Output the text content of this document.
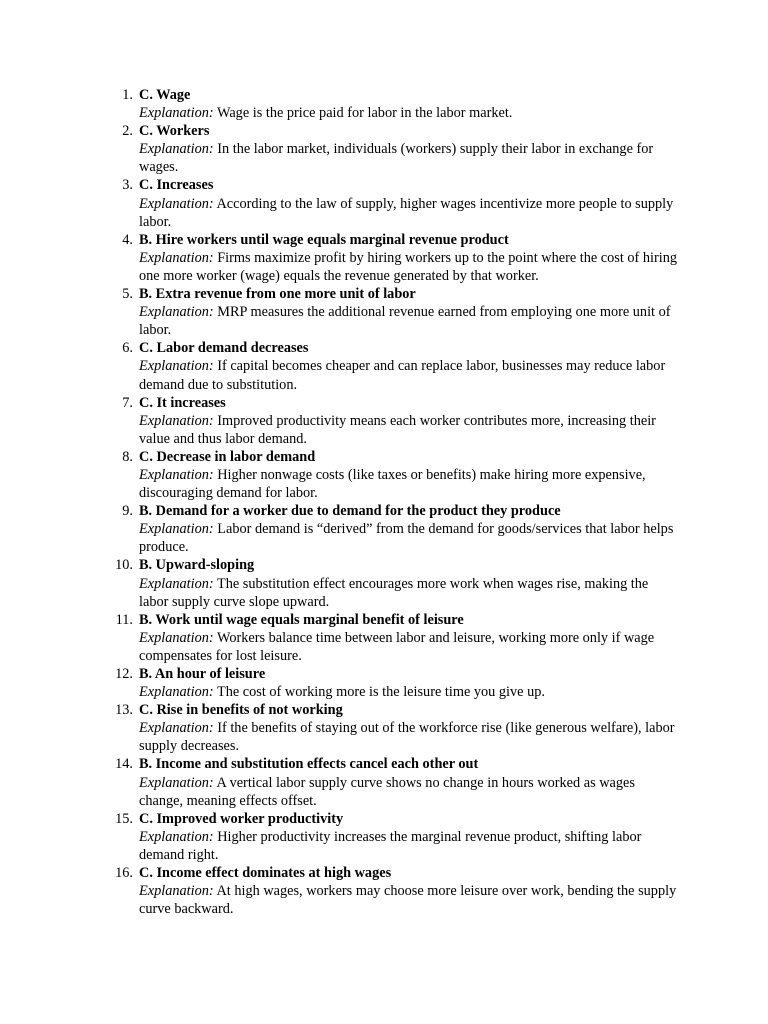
1. C. Wage
Explanation: Wage is the price paid for labor in the labor market.
2. C. Workers
Explanation: In the labor market, individuals (workers) supply their labor in exchange for wages.
3. C. Increases
Explanation: According to the law of supply, higher wages incentivize more people to supply labor.
4. B. Hire workers until wage equals marginal revenue product
Explanation: Firms maximize profit by hiring workers up to the point where the cost of hiring one more worker (wage) equals the revenue generated by that worker.
5. B. Extra revenue from one more unit of labor
Explanation: MRP measures the additional revenue earned from employing one more unit of labor.
6. C. Labor demand decreases
Explanation: If capital becomes cheaper and can replace labor, businesses may reduce labor demand due to substitution.
7. C. It increases
Explanation: Improved productivity means each worker contributes more, increasing their value and thus labor demand.
8. C. Decrease in labor demand
Explanation: Higher nonwage costs (like taxes or benefits) make hiring more expensive, discouraging demand for labor.
9. B. Demand for a worker due to demand for the product they produce
Explanation: Labor demand is “derived” from the demand for goods/services that labor helps produce.
10. B. Upward-sloping
Explanation: The substitution effect encourages more work when wages rise, making the labor supply curve slope upward.
11. B. Work until wage equals marginal benefit of leisure
Explanation: Workers balance time between labor and leisure, working more only if wage compensates for lost leisure.
12. B. An hour of leisure
Explanation: The cost of working more is the leisure time you give up.
13. C. Rise in benefits of not working
Explanation: If the benefits of staying out of the workforce rise (like generous welfare), labor supply decreases.
14. B. Income and substitution effects cancel each other out
Explanation: A vertical labor supply curve shows no change in hours worked as wages change, meaning effects offset.
15. C. Improved worker productivity
Explanation: Higher productivity increases the marginal revenue product, shifting labor demand right.
16. C. Income effect dominates at high wages
Explanation: At high wages, workers may choose more leisure over work, bending the supply curve backward.
